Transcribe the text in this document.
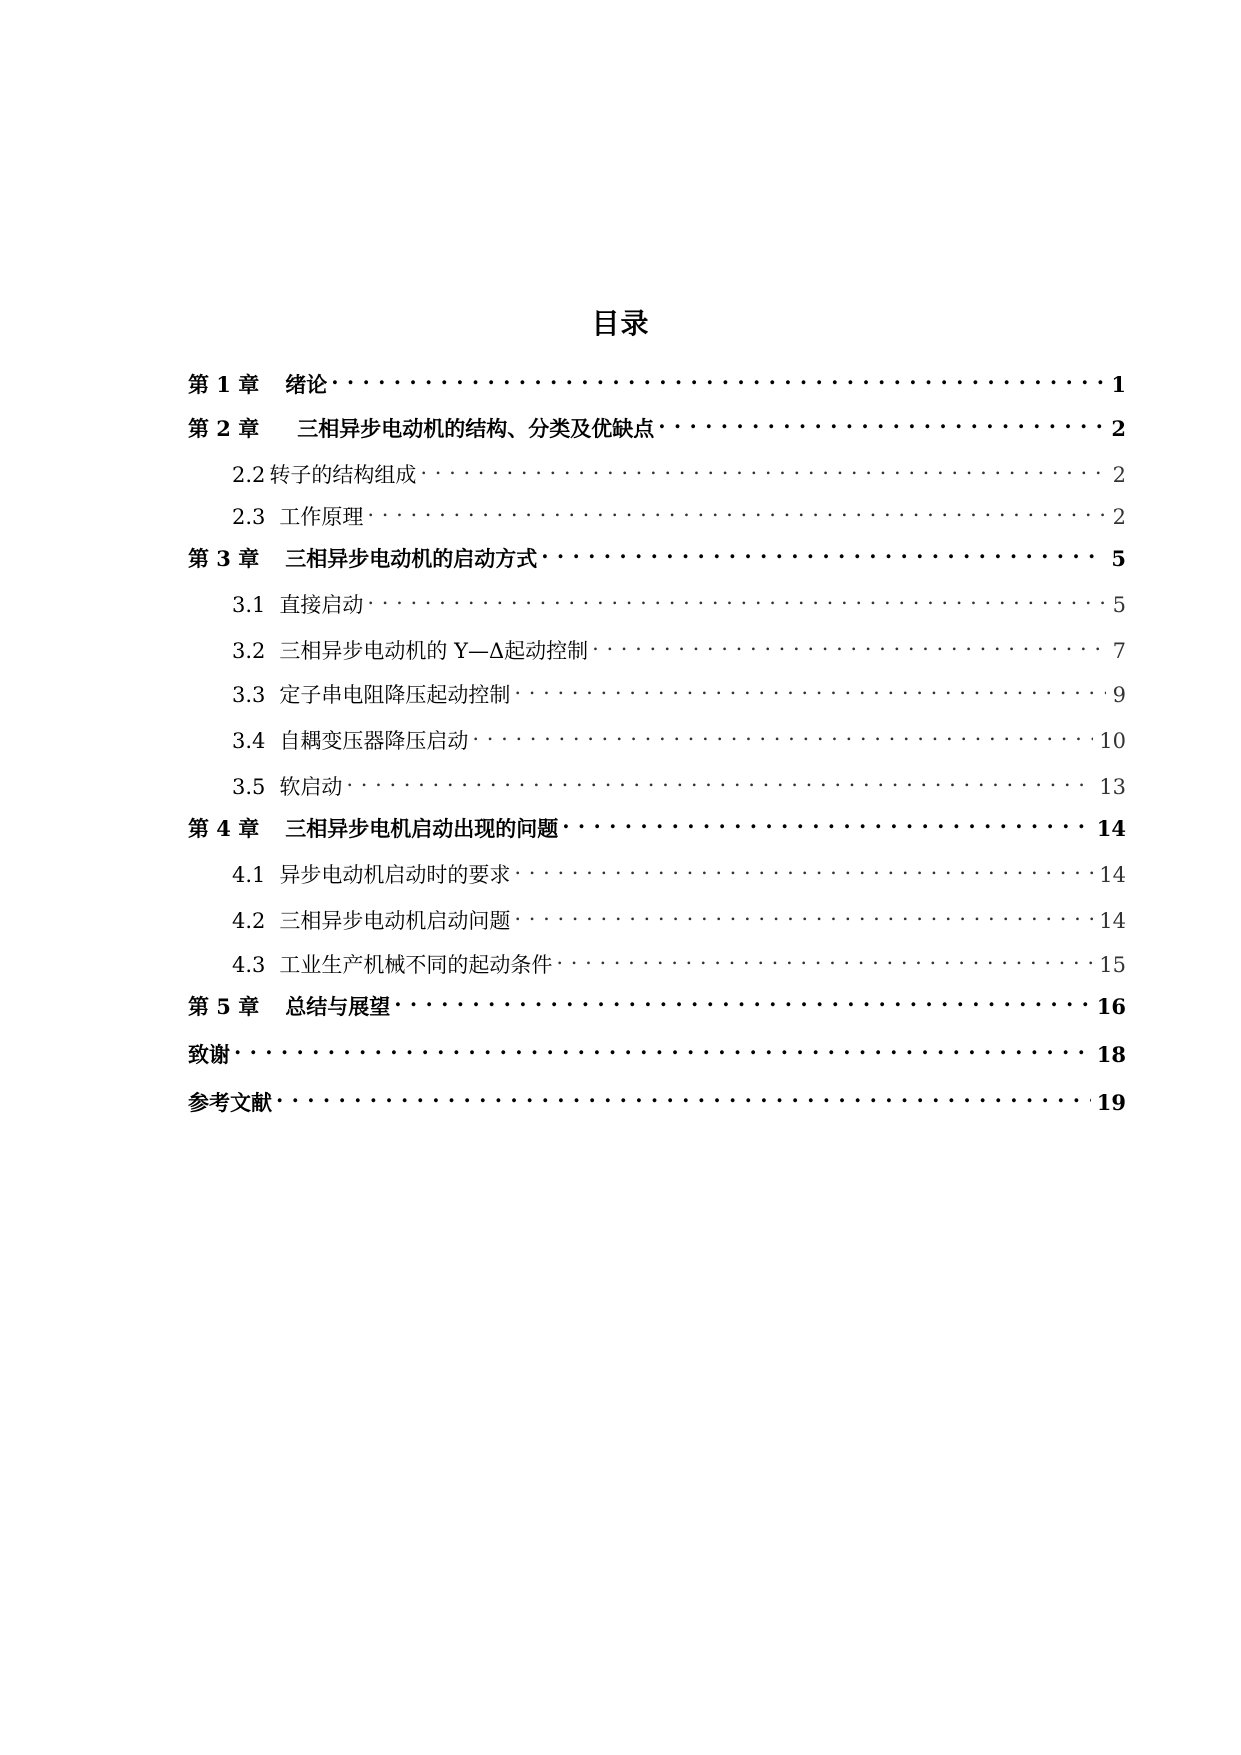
目录
第 1 章 绪论 . . .	1
第 2 章 三相异步电动机的结构、分类及优缺点 . . .	2
2.2 转子的结构组成 . . .	2
2.3 工作原理 . . .	2
第 3 章 三相异步电动机的启动方式 . . .	5
3.1 直接启动 . . .	5
3.2 三相异步电动机的 Y—Δ起动控制 . . .	7
3.3 定子串电阻降压起动控制 . . .	9
3.4 自耦变压器降压启动 . . .	10
3.5 软启动 . . .	13
第 4 章 三相异步电机启动出现的问题 . . .	14
4.1 异步电动机启动时的要求 . . .	14
4.2 三相异步电动机启动问题 . . .	14
4.3 工业生产机械不同的起动条件 . . .	15
第 5 章 总结与展望 . . .	16
致谢 . . .	18
参考文献 . . .	19
